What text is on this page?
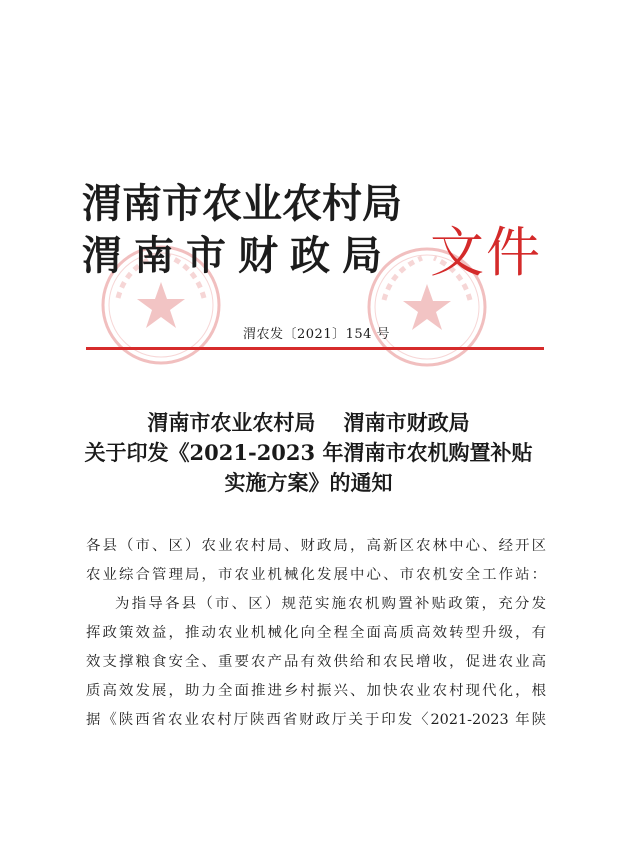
渭南市农业农村局
渭南市财政局 文件
渭农发〔2021〕154 号
渭南市农业农村局　 渭南市财政局
关于印发《2021-2023 年渭南市农机购置补贴
实施方案》的通知
各县（市、区）农业农村局、财政局，高新区农林中心、经开区
农业综合管理局，市农业机械化发展中心、市农机安全工作站：
为指导各县（市、区）规范实施农机购置补贴政策，充分发
挥政策效益，推动农业机械化向全程全面高质高效转型升级，有
效支撑粮食安全、重要农产品有效供给和农民增收，促进农业高
质高效发展，助力全面推进乡村振兴、加快农业农村现代化，根
据《陕西省农业农村厅陕西省财政厅关于印发〈2021-2023 年陕
